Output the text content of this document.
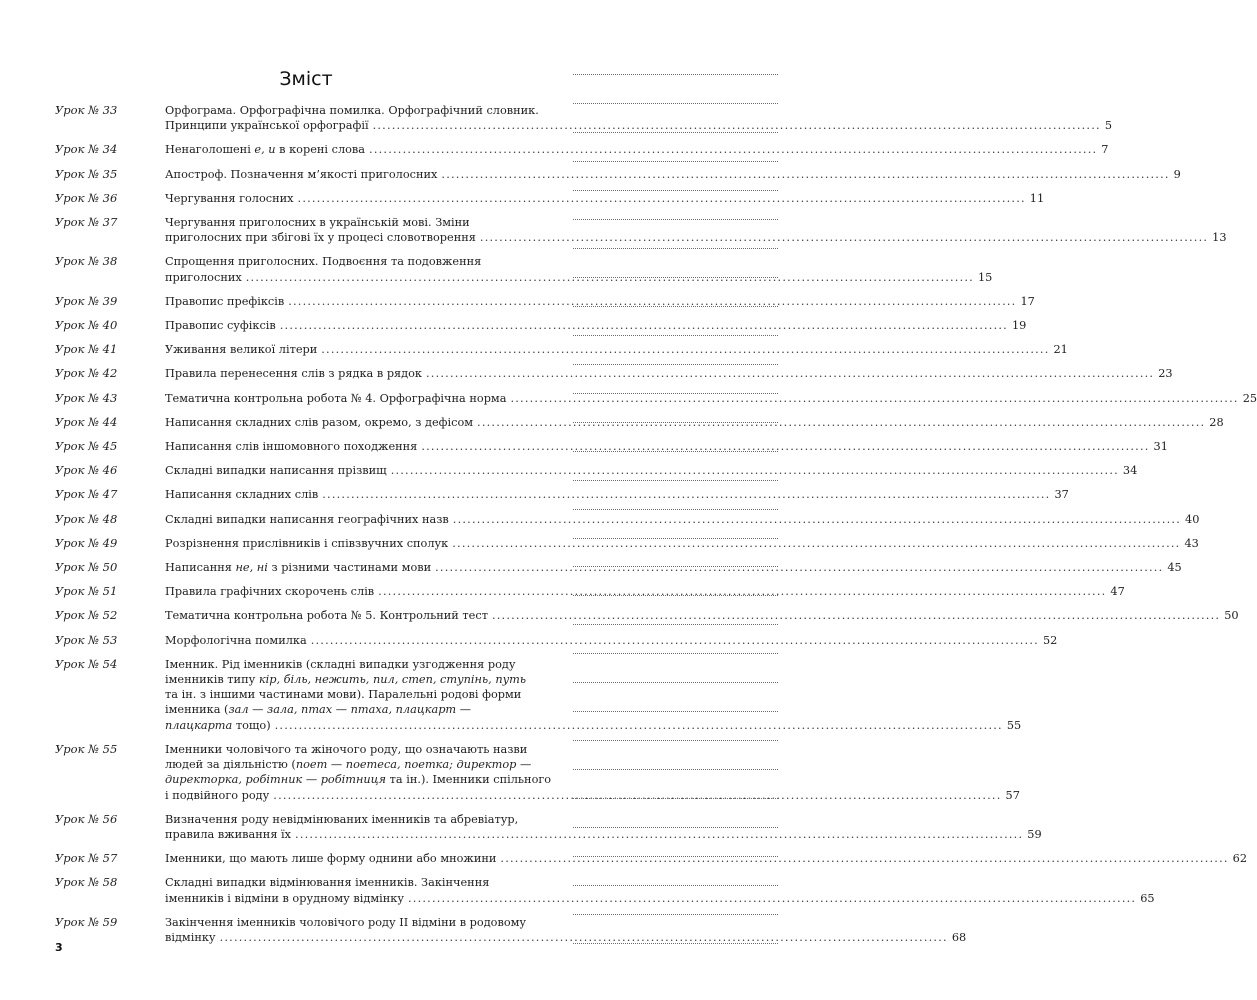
Зміст
Урок № 33	Орфограма. Орфографічна помилка. Орфографічний словник.
Принципи української орфографії .....	5
Урок № 34	Ненаголошені е, и в корені слова .....	7
Урок № 35	Апостроф. Позначення м’якості приголосних .....	9
Урок № 36	Чергування голосних .....	11
Урок № 37	Чергування приголосних в українській мові. Зміни
приголосних при збігові їх у процесі словотворення .....	13
Урок № 38	Спрощення приголосних. Подвоєння та подовження
приголосних .....	15
Урок № 39	Правопис префіксів .....	17
Урок № 40	Правопис суфіксів .....	19
Урок № 41	Уживання великої літери .....	21
Урок № 42	Правила перенесення слів з рядка в рядок .....	23
Урок № 43	Тематична контрольна робота № 4. Орфографічна норма .....	25
Урок № 44	Написання складних слів разом, окремо, з дефісом .....	28
Урок № 45	Написання слів іншомовного походження .....	31
Урок № 46	Складні випадки написання прізвищ .....	34
Урок № 47	Написання складних слів .....	37
Урок № 48	Складні випадки написання географічних назв .....	40
Урок № 49	Розрізнення прислівників і співзвучних сполук .....	43
Урок № 50	Написання не, ні з різними частинами мови .....	45
Урок № 51	Правила графічних скорочень слів .....	47
Урок № 52	Тематична контрольна робота № 5. Контрольний тест .....	50
Урок № 53	Морфологічна помилка .....	52
Урок № 54	Іменник. Рід іменників (складні випадки узгодження роду
іменників типу кір, біль, нежить, пил, степ, ступінь, путь
та ін. з іншими частинами мови). Паралельні родові форми
іменника (зал — зала, птах — птаха, плацкарт —
плацкарта тощо) .....	55
Урок № 55	Іменники чоловічого та жіночого роду, що означають назви
людей за діяльністю (поет — поетеса, поетка; директор —
директорка, робітник — робітниця та ін.). Іменники спільного
і подвійного роду .....	57
Урок № 56	Визначення роду невідмінюваних іменників та абревіатур,
правила вживання їх .....	59
Урок № 57	Іменники, що мають лише форму однини або множини .....	62
Урок № 58	Складні випадки відмінювання іменників. Закінчення
іменників і відміни в орудному відмінку .....	65
Урок № 59	Закінчення іменників чоловічого роду II відміни в родовому
відмінку .....	68
3
